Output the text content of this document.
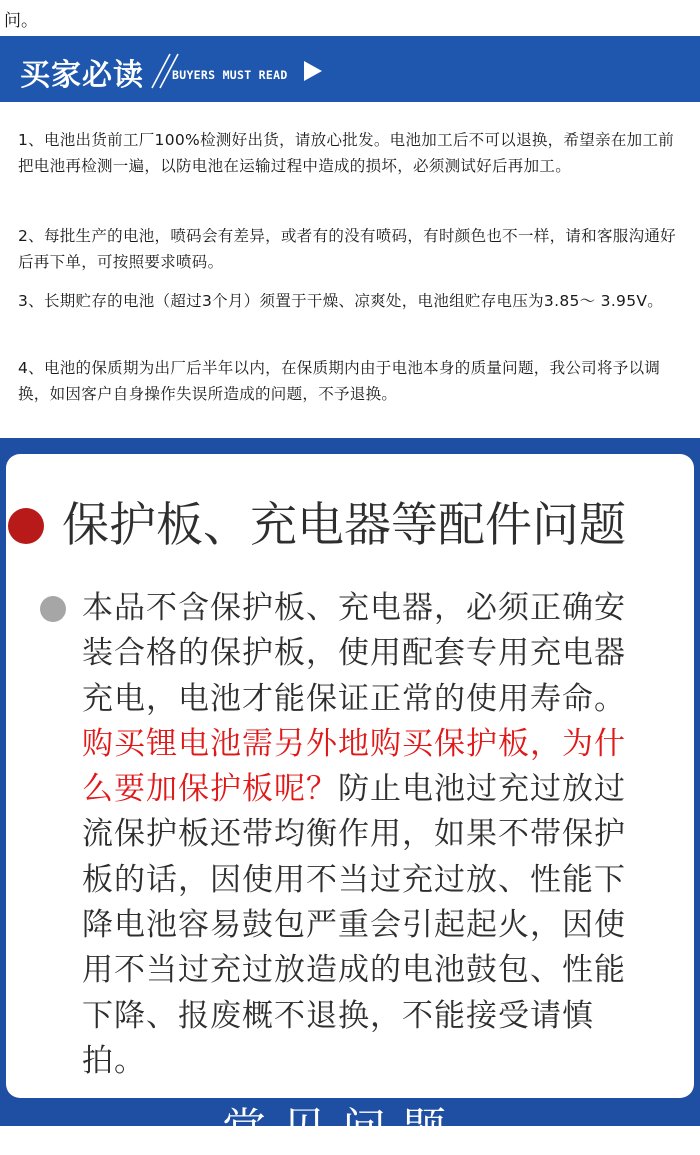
问。
买家必读 BUYERS MUST READ

1、电池出货前工厂100%检测好出货，请放心批发。电池加工后不可以退换，希望亲在加工前把电池再检测一遍，以防电池在运输过程中造成的损坏，必须测试好后再加工。

2、每批生产的电池，喷码会有差异，或者有的没有喷码，有时颜色也不一样，请和客服沟通好后再下单，可按照要求喷码。

3、长期贮存的电池（超过3个月）须置于干燥、凉爽处，电池组贮存电压为3.85～ 3.95V。

4、电池的保质期为出厂后半年以内，在保质期内由于电池本身的质量问题，我公司将予以调换，如因客户自身操作失误所造成的问题，不予退换。

保护板、充电器等配件问题

本品不含保护板、充电器，必须正确安装合格的保护板，使用配套专用充电器充电，电池才能保证正常的使用寿命。购买锂电池需另外地购买保护板，为什么要加保护板呢？防止电池过充过放过流保护板还带均衡作用，如果不带保护板的话，因使用不当过充过放、性能下降电池容易鼓包严重会引起起火，因使用不当过充过放造成的电池鼓包、性能下降、报废概不退换，不能接受请慎拍。

常见问题
